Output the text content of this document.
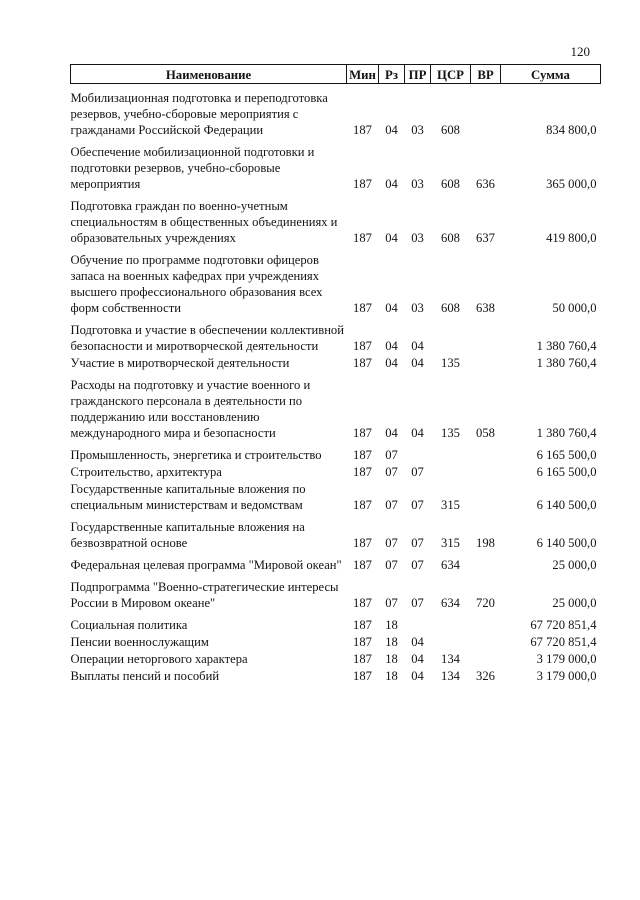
120
Наименование	Мин	Рз	ПР	ЦСР	ВР	Сумма

Мобилизационная подготовка и переподготовка резервов, учебно-сборовые мероприятия с гражданами Российской Федерации	187	04	03	608		834 800,0

Обеспечение мобилизационной подготовки и подготовки резервов, учебно-сборовые мероприятия	187	04	03	608	636	365 000,0

Подготовка граждан по военно-учетным специальностям в общественных объединениях и образовательных учреждениях	187	04	03	608	637	419 800,0

Обучение по программе подготовки офицеров запаса на военных кафедрах при учреждениях высшего профессионального образования всех форм собственности	187	04	03	608	638	50 000,0

Подготовка и участие в обеспечении коллективной безопасности и миротворческой деятельности	187	04	04			1 380 760,4

Участие в миротворческой деятельности	187	04	04	135		1 380 760,4

Расходы на подготовку и участие военного и гражданского персонала в деятельности по поддержанию или восстановлению международного мира и безопасности	187	04	04	135	058	1 380 760,4

Промышленность, энергетика и строительство	187	07				6 165 500,0

Строительство, архитектура	187	07	07			6 165 500,0

Государственные капитальные вложения по специальным министерствам и ведомствам	187	07	07	315		6 140 500,0

Государственные капитальные вложения на безвозвратной основе	187	07	07	315	198	6 140 500,0

Федеральная целевая программа "Мировой океан"	187	07	07	634		25 000,0

Подпрограмма "Военно-стратегические интересы России в Мировом океане"	187	07	07	634	720	25 000,0

Социальная политика	187	18				67 720 851,4

Пенсии военнослужащим	187	18	04			67 720 851,4

Операции неторгового характера	187	18	04	134		3 179 000,0

Выплаты пенсий и пособий	187	18	04	134	326	3 179 000,0
